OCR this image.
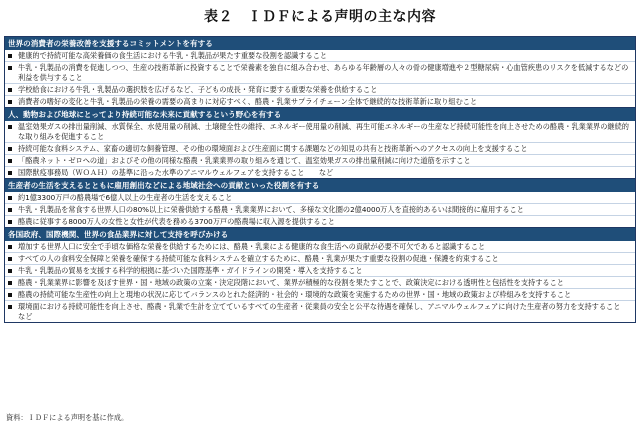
表２　ＩＤＦによる声明の主な内容
世界の消費者の栄養改善を支援するコミットメントを有する
健康的で持続可能な高栄養価の食生活における牛乳・乳製品が果たす重要な役割を認識すること
牛乳・乳製品の消費を促進しつつ、生産の技術革新に投資することで栄養素を独自に組み合わせ、あらゆる年齢層の人々の骨の健康増進や２型糖尿病・心血管疾患のリスクを低減するなどの利益を供与すること
学校給食における牛乳・乳製品の選択肢を広げるなど、子どもの成長・発育に要する重要な栄養を供給すること
消費者の嗜好の変化と牛乳・乳製品の栄養の需要の高まりに対応すべく、酪農・乳業サプライチェーン全体で継続的な技術革新に取り組むこと
人、動物および地球にとってより持続可能な未来に貢献するという野心を有する
温室効果ガスの排出量削減、水質保全、水使用量の削減、土壌健全性の維持、エネルギー使用量の削減、再生可能エネルギーの生産など持続可能性を向上させための酪農・乳業業界の継続的な取り組みを促進すること
持続可能な食料システム、家畜の適切な飼養管理、その他の環境面および生産面に関する課題などの知見の共有と技術革新へのアクセスの向上を支援すること
「酪農ネット・ゼロへの道」およびその他の同様な酪農・乳業業界の取り組みを通じて、温室効果ガスの排出量削減に向けた道筋を示すこと
国際獣疫事務局（ＷＯＡＨ）の基準に沿った水準のアニマルウェルフェアを支持すること　　など
生産者の生活を支えるとともに雇用創出などによる地域社会への貢献といった役割を有する
約1億3300万戸の酪農場で6億人以上の生産者の生活を支えること
牛乳・乳製品を常食する世界人口の80%以上に栄養供給する酪農・乳業業界において、多様な文化圏の2億4000万人を直接的あるいは間接的に雇用すること
酪農に従事する8000万人の女性と女性が代表を務める3700万戸の酪農場に収入源を提供すること
各国政府、国際機関、世界の食品業界に対して支持を呼びかける
増加する世界人口に安全で手頃な価格な栄養を供給するためには、酪農・乳業による健康的な食生活への貢献が必要不可欠であると認識すること
すべての人の食料安全保障と栄養を確保する持続可能な食料システムを確立するために、酪農・乳業が果たす重要な役割の促進・保護を約束すること
牛乳・乳製品の貿易を支援する科学的根拠に基づいた国際基準・ガイドラインの開発・導入を支持すること
酪農・乳業業界に影響を及ぼす世界・国・地域の政策の立案・決定段階において、業界が積極的な役割を果たすことで、政策決定における透明性と包括性を支持すること
酪農の持続可能な生産性の向上と現地の状況に応じてバランスのとれた経済的・社会的・環境的な政策を実施するための世界・国・地域の政策および枠組みを支持すること
環境面における持続可能性を向上させ、酪農・乳業で生計を立てているすべての生産者・従業員の安全と公平な待遇を確保し、アニマルウェルフェアに向けた生産者の努力を支持すること　　など
資料：ＩＤＦによる声明を基に作成。
